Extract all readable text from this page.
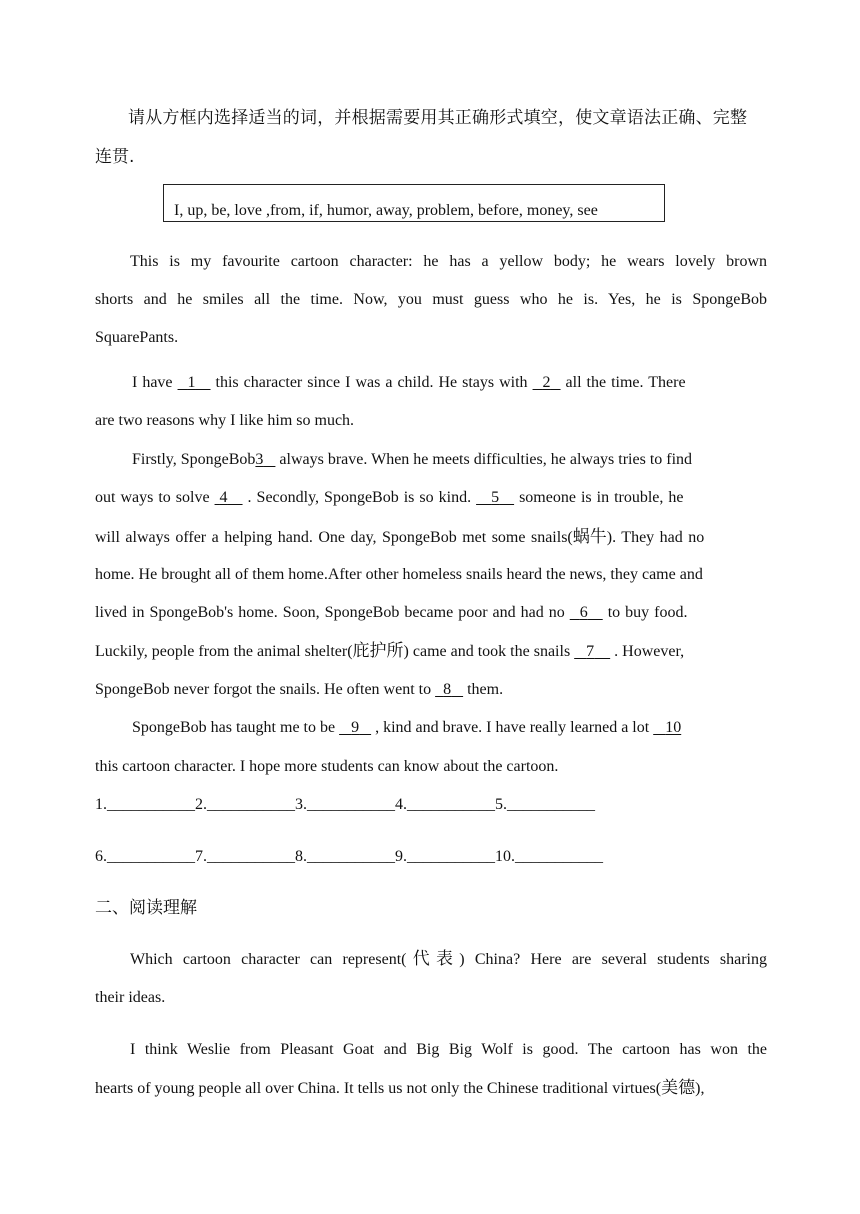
请从方框内选择适当的词，并根据需要用其正确形式填空，使文章语法正确、完整
连贯.
I, up, be, love ,from, if, humor, away, problem, before, money, see
This is my favourite cartoon character: he has a yellow body; he wears lovely brown
shorts and he smiles all the time. Now, you must guess who he is. Yes, he is SpongeBob
SquarePants.
I have 1 this character since I was a child. He stays with 2 all the time. There
are two reasons why I like him so much.
Firstly, SpongeBob3 always brave. When he meets difficulties, he always tries to find
out ways to solve 4 . Secondly, SpongeBob is so kind. 5 someone is in trouble, he
will always offer a helping hand. One day, SpongeBob met some snails(蜗牛). They had no
home. He brought all of them home.After other homeless snails heard the news, they came and
lived in SpongeBob's home. Soon, SpongeBob became poor and had no 6 to buy food.
Luckily, people from the animal shelter(庇护所) came and took the snails 7 . However,
SpongeBob never forgot the snails. He often went to 8 them.
SpongeBob has taught me to be 9 , kind and brave. I have really learned a lot 10
this cartoon character. I hope more students can know about the cartoon.
1.___________2.___________3.___________4.___________5.___________
6.___________7.___________8.___________9.___________10.___________
二、阅读理解
Which cartoon character can represent(代表) China? Here are several students sharing
their ideas.
I think Weslie from Pleasant Goat and Big Big Wolf is good. The cartoon has won the
hearts of young people all over China. It tells us not only the Chinese traditional virtues(美德),
